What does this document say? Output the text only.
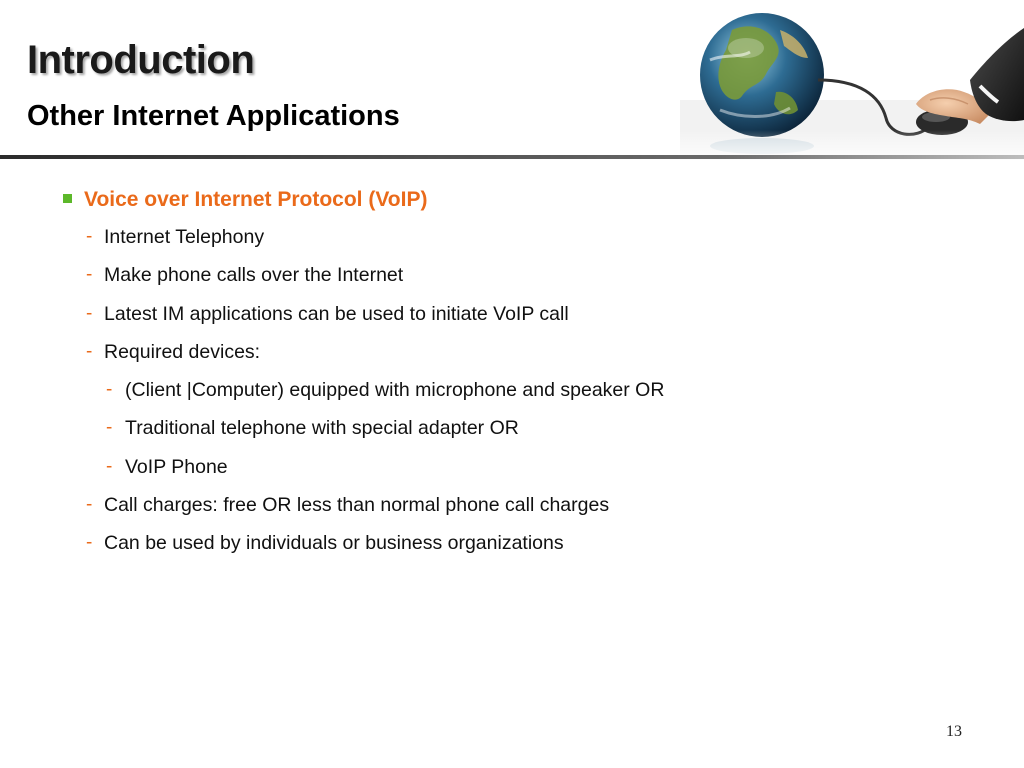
Introduction
Other Internet Applications
Voice over Internet Protocol (VoIP)
- Internet Telephony
- Make phone calls over the Internet
- Latest IM applications can be used to initiate VoIP call
- Required devices:
- (Client |Computer) equipped with microphone and speaker OR
- Traditional telephone with special adapter OR
- VoIP Phone
- Call charges: free OR less than normal phone call charges
- Can be used by individuals or business organizations
13
